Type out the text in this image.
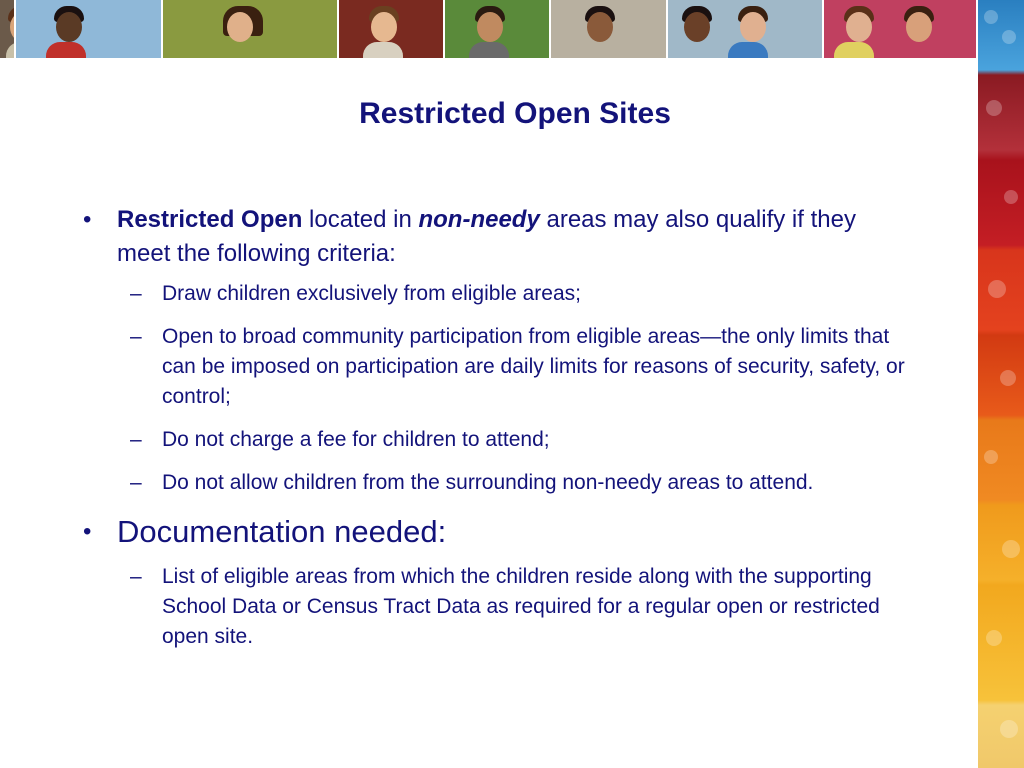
Restricted Open Sites

• Restricted Open located in non-needy areas may also qualify if they meet the following criteria:

– Draw children exclusively from eligible areas;

– Open to broad community participation from eligible areas—the only limits that can be imposed on participation are daily limits for reasons of security, safety, or control;

– Do not charge a fee for children to attend;

– Do not allow children from the surrounding non-needy areas to attend.

• Documentation needed:

– List of eligible areas from which the children reside along with the supporting School Data or Census Tract Data as required for a regular open or restricted open site.
